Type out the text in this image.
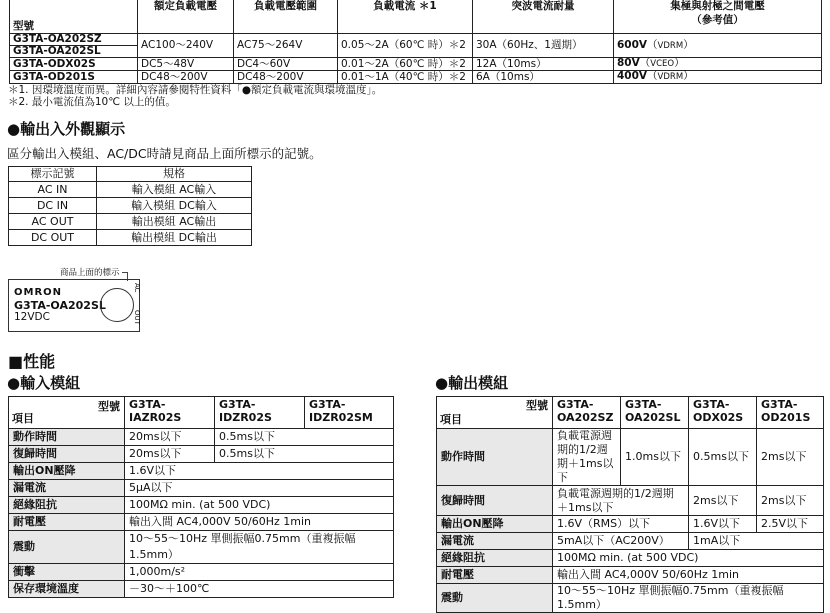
型號	額定負載電壓	負載電壓範圍	負載電流 ＊1	突波電流耐量	集極與射極之間電壓
（參考值）

G3TA-OA202SZ	AC100～240V	AC75～264V	0.05～2A（60℃ 時）＊2	30A（60Hz、1週期）	600V（VDRM）
G3TA-OA202SL					
G3TA-ODX02S	DC5～48V	DC4～60V	0.01～2A（60℃ 時）＊2	12A（10ms）	80V（VCEO）
G3TA-OD201S	DC48～200V	DC48～200V	0.01～1A（40℃ 時）＊2	6A（10ms）	400V（VDRM）
＊1. 因環境溫度而異。詳細內容請參閱特性資料「●額定負載電流與環境溫度」。
＊2. 最小電流值為10℃ 以上的值。
●輸出入外觀顯示
區分輸出入模組、AC/DC時請見商品上面所標示的記號。
標示記號	規格
AC IN	輸入模組 AC輸入
DC IN	輸入模組 DC輸入
AC OUT	輸出模組 AC輸出
DC OUT	輸出模組 DC輸出
商品上面的標示
OMRON
G3TA-OA202SL
12VDC
AC
OUT
■性能
●輸入模組	●輸出模組
型號
項目	G3TA-IAZR02S	G3TA-IDZR02S	G3TA-IDZR02SM
動作時間	20ms以下	0.5ms以下	
復歸時間	20ms以下	0.5ms以下	
輸出ON壓降	1.6V以下		
漏電流	5μA以下		
絕緣阻抗	100MΩ min. (at 500 VDC)		
耐電壓	輸出入間 AC4,000V 50/60Hz 1min		
震動	10～55～10Hz 單側振幅0.75mm（重複振幅1.5mm）		
衝擊	1,000m/s²		
保存環境溫度	－30～＋100℃		
型號
項目	G3TA-OA202SZ	G3TA-OA202SL	G3TA-ODX02S	G3TA-OD201S
動作時間	負載電源週期的1/2週期＋1ms以下	1.0ms以下	0.5ms以下	2ms以下
復歸時間	負載電源週期的1/2週期＋1ms以下		2ms以下	2ms以下
輸出ON壓降	1.6V（RMS）以下		1.6V以下	2.5V以下
漏電流	5mA以下（AC200V）		1mA以下	
絕緣阻抗	100MΩ min. (at 500 VDC)			
耐電壓	輸出入間 AC4,000V 50/60Hz 1min			
震動	10～55～10Hz 單側振幅0.75mm（重複振幅1.5mm）			
